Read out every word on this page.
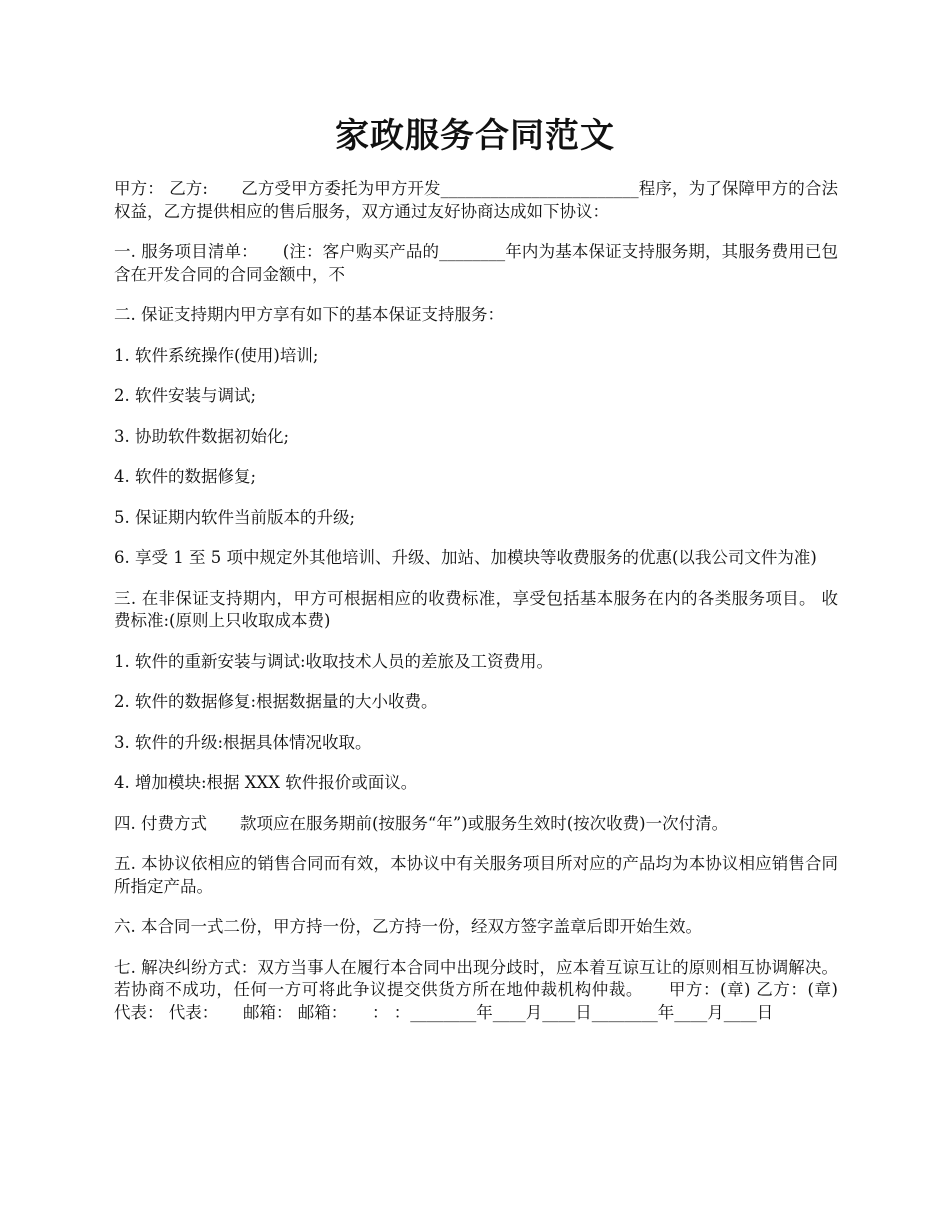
家政服务合同范文

甲方： 乙方:　　乙方受甲方委托为甲方开发________________________程序，为了保障甲方的合法权益，乙方提供相应的售后服务，双方通过友好协商达成如下协议：

一. 服务项目清单：　　(注：客户购买产品的________年内为基本保证支持服务期，其服务费用已包含在开发合同的合同金额中，不

二. 保证支持期内甲方享有如下的基本保证支持服务：

1. 软件系统操作(使用)培训;

2. 软件安装与调试;

3. 协助软件数据初始化;

4. 软件的数据修复;

5. 保证期内软件当前版本的升级;

6. 享受 1 至 5 项中规定外其他培训、升级、加站、加模块等收费服务的优惠(以我公司文件为准)

三. 在非保证支持期内，甲方可根据相应的收费标准，享受包括基本服务在内的各类服务项目。 收费标准:(原则上只收取成本费)

1. 软件的重新安装与调试:收取技术人员的差旅及工资费用。

2. 软件的数据修复:根据数据量的大小收费。

3. 软件的升级:根据具体情况收取。

4. 增加模块:根据 XXX 软件报价或面议。

四. 付费方式　　款项应在服务期前(按服务“年”)或服务生效时(按次收费)一次付清。

五. 本协议依相应的销售合同而有效，本协议中有关服务项目所对应的产品均为本协议相应销售合同所指定产品。

六. 本合同一式二份，甲方持一份，乙方持一份，经双方签字盖章后即开始生效。

七. 解决纠纷方式：双方当事人在履行本合同中出现分歧时，应本着互谅互让的原则相互协调解决。若协商不成功，任何一方可将此争议提交供货方所在地仲裁机构仲裁。　　甲方：(章) 乙方：(章)　　代表： 代表：　　邮箱： 邮箱：　　： ：________年____月____日________年____月____日
